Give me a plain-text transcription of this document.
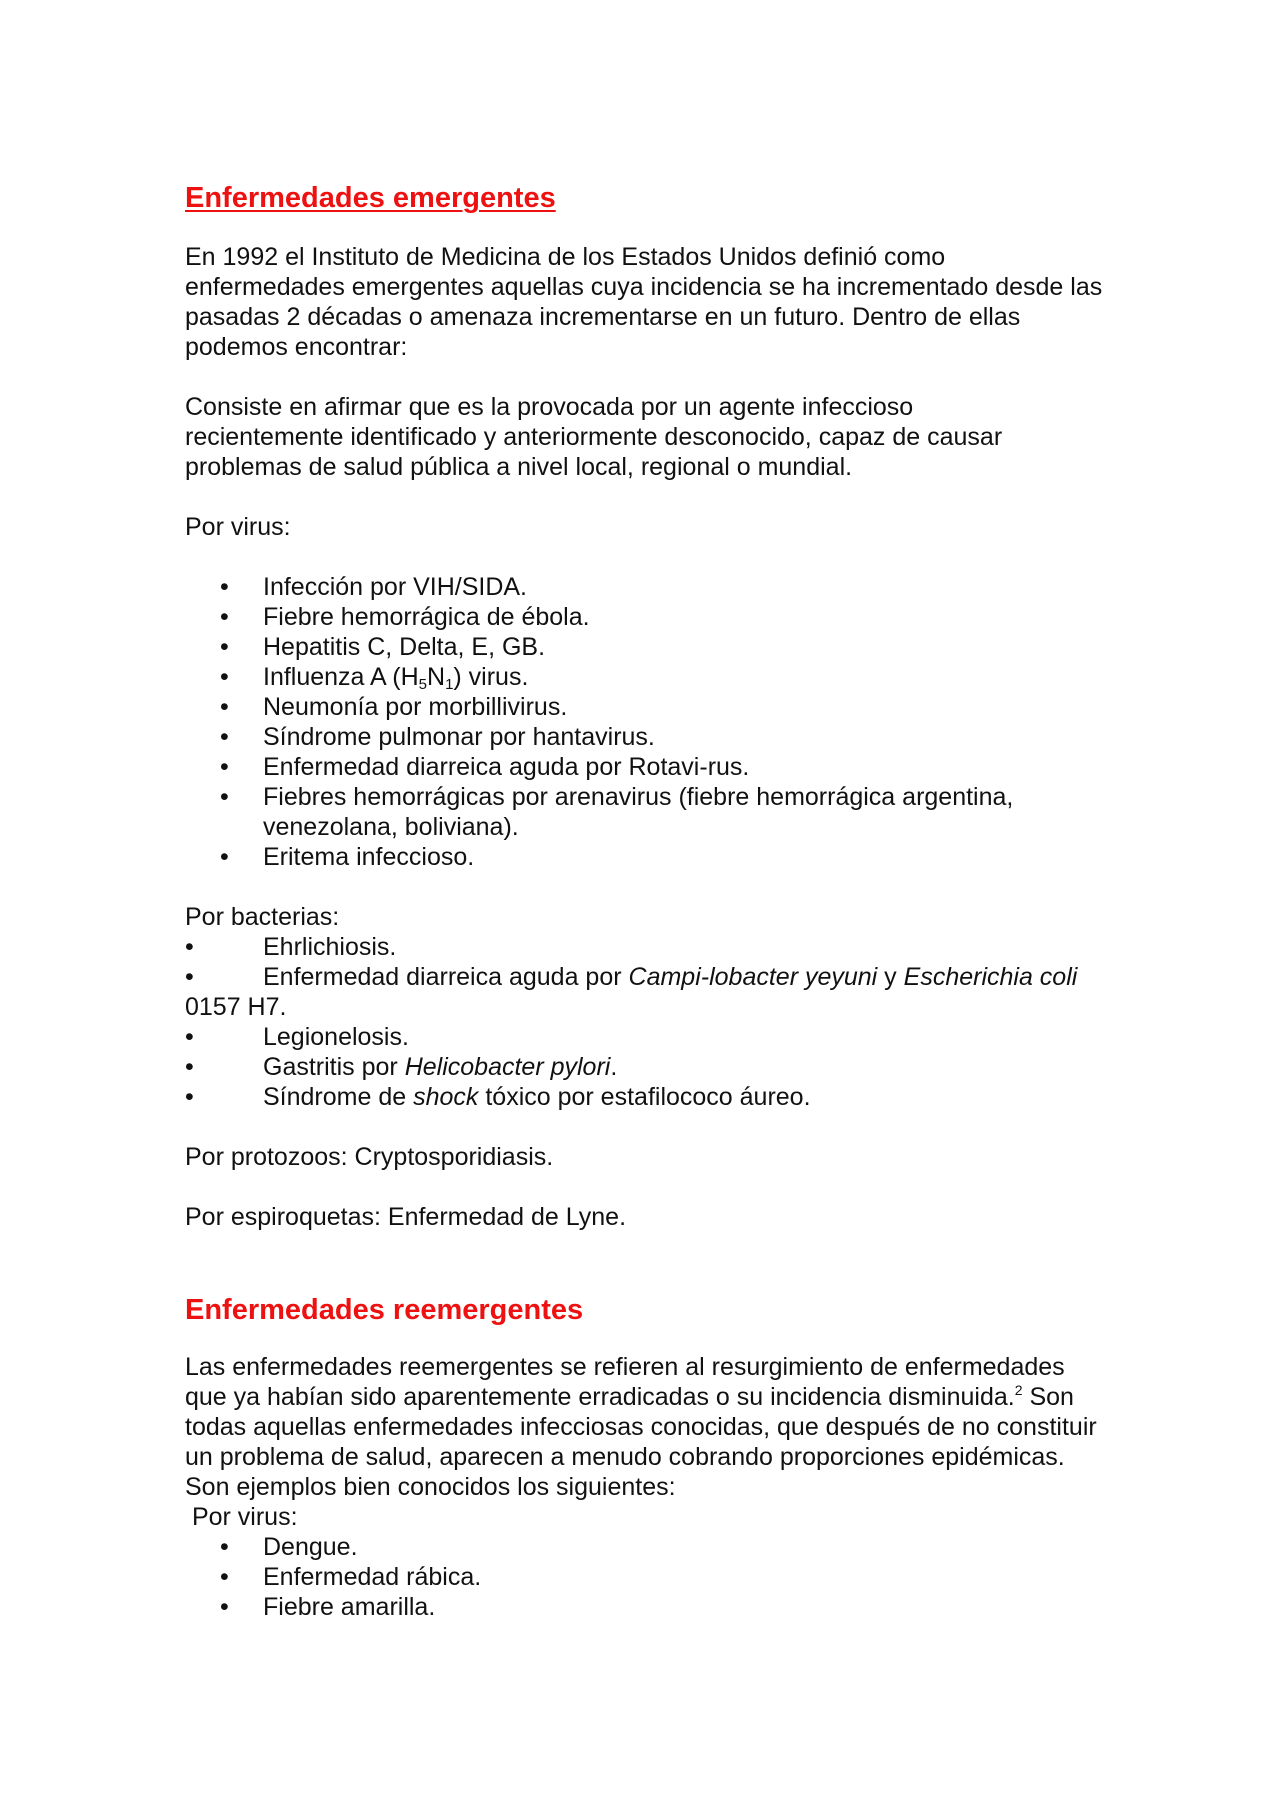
Enfermedades emergentes

En 1992 el Instituto de Medicina de los Estados Unidos definió como enfermedades emergentes aquellas cuya incidencia se ha incrementado desde las pasadas 2 décadas o amenaza incrementarse en un futuro. Dentro de ellas podemos encontrar:

Consiste en afirmar que es la provocada por un agente infeccioso recientemente identificado y anteriormente desconocido, capaz de causar problemas de salud pública a nivel local, regional o mundial.

Por virus:

• Infección por VIH/SIDA.
• Fiebre hemorrágica de ébola.
• Hepatitis C, Delta, E, GB.
• Influenza A $(H_5N_1)$ virus.
• Neumonía por morbillivirus.
• Síndrome pulmonar por hantavirus.
• Enfermedad diarreica aguda por Rotavi-rus.
• Fiebres hemorrágicas por arenavirus (fiebre hemorrágica argentina, venezolana, boliviana).
• Eritema infeccioso.

Por bacterias:

•Ehrlichiosis.
•Enfermedad diarreica aguda por Campi-lobacter yeyuni y Escherichia coli 0157 H7.
•Legionelosis.
•Gastritis por Helicobacter pylori.
•Síndrome de shock tóxico por estafilococo áureo.

Por protozoos: Cryptosporidiasis.

Por espiroquetas: Enfermedad de Lyne.

Enfermedades reemergentes

Las enfermedades reemergentes se refieren al resurgimiento de enfermedades que ya habían sido aparentemente erradicadas o su incidencia disminuida.$^2$ Son todas aquellas enfermedades infecciosas conocidas, que después de no constituir un problema de salud, aparecen a menudo cobrando proporciones epidémicas. Son ejemplos bien conocidos los siguientes:

Por virus:

• Dengue.
• Enfermedad rábica.
• Fiebre amarilla.
